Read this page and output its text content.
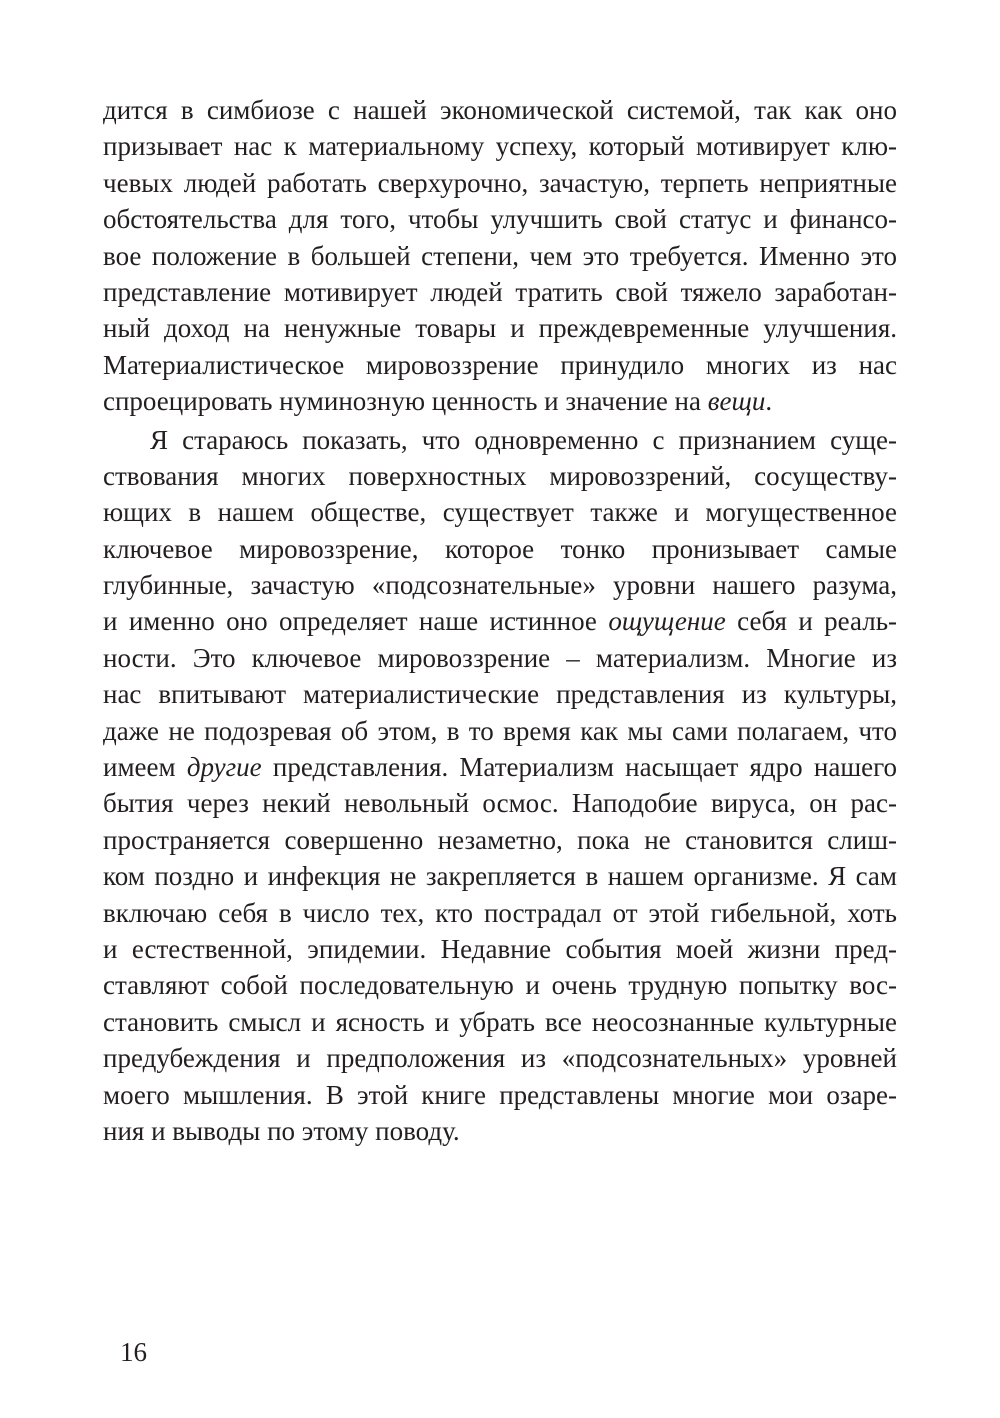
дится в симбиозе с нашей экономической системой, так как оно
призывает нас к материальному успеху, который мотивирует клю-
чевых людей работать сверхурочно, зачастую, терпеть неприятные
обстоятельства для того, чтобы улучшить свой статус и финансо-
вое положение в большей степени, чем это требуется. Именно это
представление мотивирует людей тратить свой тяжело заработан-
ный доход на ненужные товары и преждевременные улучшения.
Материалистическое мировоззрение принудило многих из нас
спроецировать нуминозную ценность и значение на вещи.
Я стараюсь показать, что одновременно с признанием суще-
ствования многих поверхностных мировоззрений, сосуществу-
ющих в нашем обществе, существует также и могущественное
ключевое мировоззрение, которое тонко пронизывает самые
глубинные, зачастую «подсознательные» уровни нашего разума,
и именно оно определяет наше истинное ощущение себя и реаль-
ности. Это ключевое мировоззрение – материализм. Многие из
нас впитывают материалистические представления из культуры,
даже не подозревая об этом, в то время как мы сами полагаем, что
имеем другие представления. Материализм насыщает ядро нашего
бытия через некий невольный осмос. Наподобие вируса, он рас-
пространяется совершенно незаметно, пока не становится слиш-
ком поздно и инфекция не закрепляется в нашем организме. Я сам
включаю себя в число тех, кто пострадал от этой гибельной, хоть
и естественной, эпидемии. Недавние события моей жизни пред-
ставляют собой последовательную и очень трудную попытку вос-
становить смысл и ясность и убрать все неосознанные культурные
предубеждения и предположения из «подсознательных» уровней
моего мышления. В этой книге представлены многие мои озаре-
ния и выводы по этому поводу.
16
